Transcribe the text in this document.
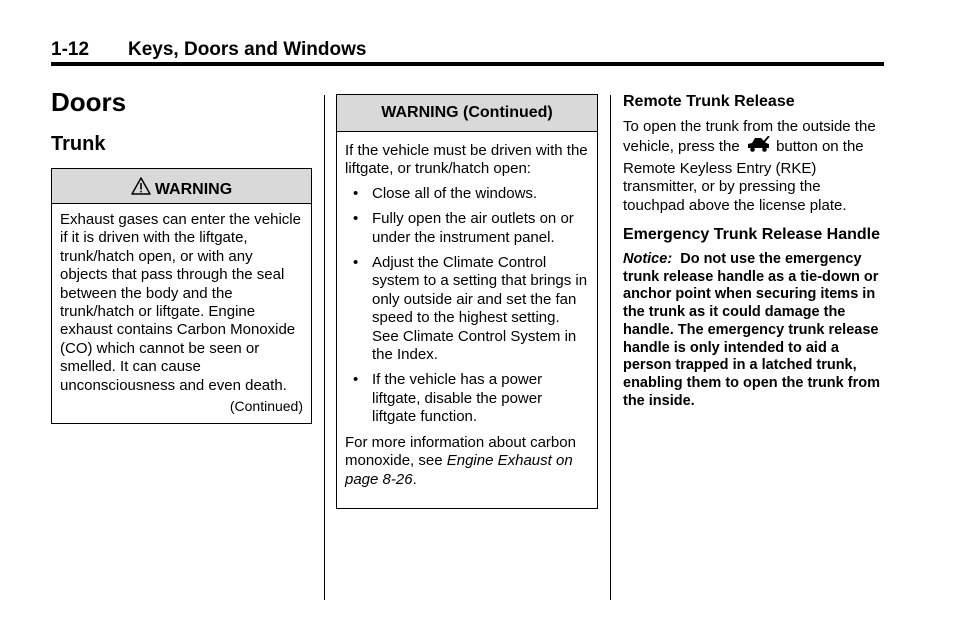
1-12 Keys, Doors and Windows
Doors
Trunk
WARNING
Exhaust gases can enter the vehicle if it is driven with the liftgate, trunk/hatch open, or with any objects that pass through the seal between the body and the trunk/hatch or liftgate. Engine exhaust contains Carbon Monoxide (CO) which cannot be seen or smelled. It can cause unconsciousness and even death.
(Continued)
WARNING (Continued)
If the vehicle must be driven with the liftgate, or trunk/hatch open:
• Close all of the windows.
• Fully open the air outlets on or under the instrument panel.
• Adjust the Climate Control system to a setting that brings in only outside air and set the fan speed to the highest setting. See Climate Control System in the Index.
• If the vehicle has a power liftgate, disable the power liftgate function.
For more information about carbon monoxide, see Engine Exhaust on page 8-26.
Remote Trunk Release
To open the trunk from the outside the vehicle, press the button on the Remote Keyless Entry (RKE) transmitter, or by pressing the touchpad above the license plate.
Emergency Trunk Release Handle
Notice: Do not use the emergency trunk release handle as a tie-down or anchor point when securing items in the trunk as it could damage the handle. The emergency trunk release handle is only intended to aid a person trapped in a latched trunk, enabling them to open the trunk from the inside.
